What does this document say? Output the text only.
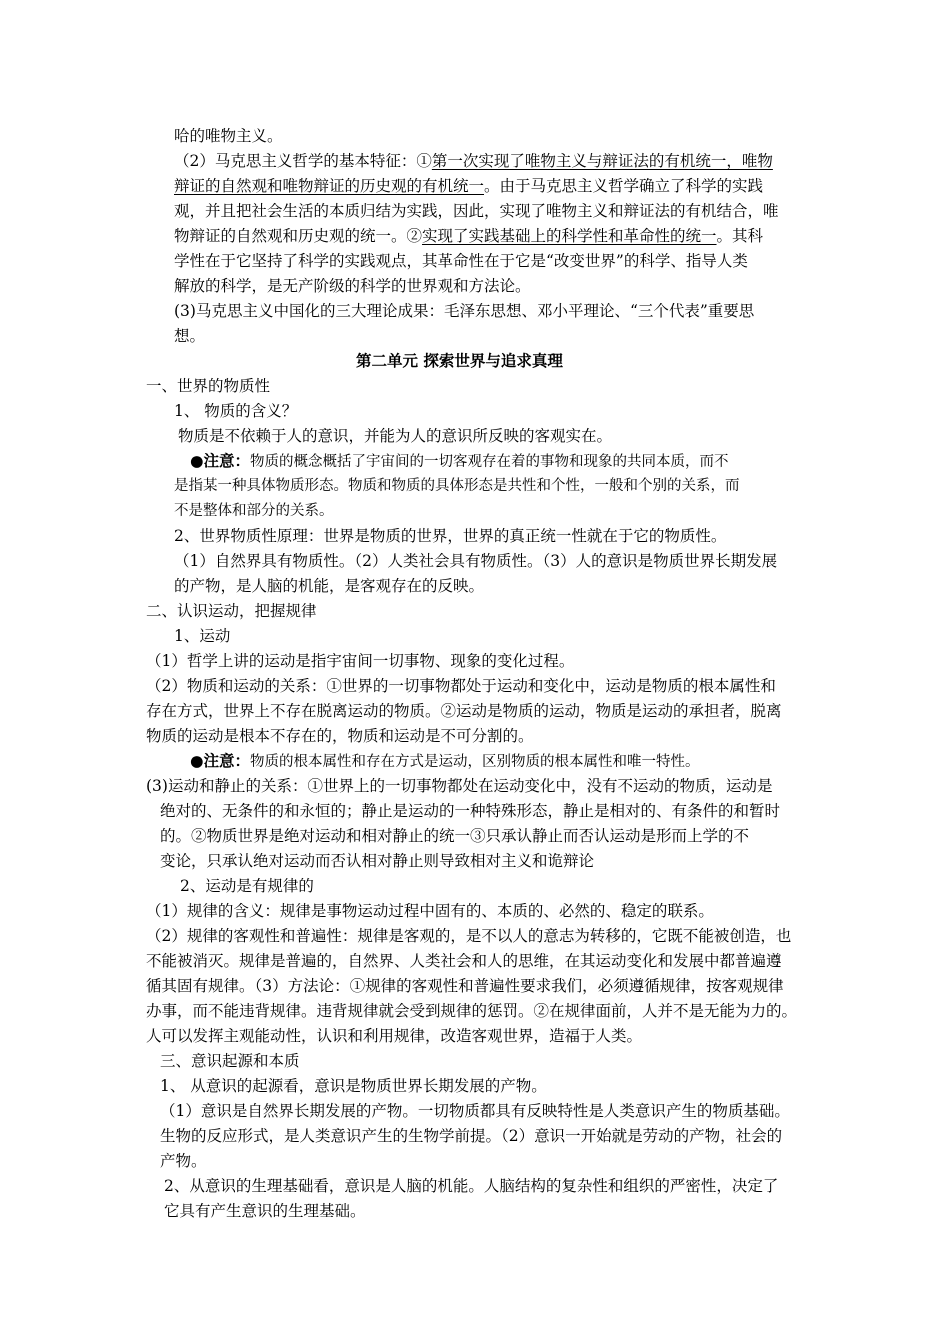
哈的唯物主义。
（2）马克思主义哲学的基本特征：①第一次实现了唯物主义与辩证法的有机统一，唯物
辩证的自然观和唯物辩证的历史观的有机统一。由于马克思主义哲学确立了科学的实践
观，并且把社会生活的本质归结为实践，因此，实现了唯物主义和辩证法的有机结合，唯
物辩证的自然观和历史观的统一。②实现了实践基础上的科学性和革命性的统一。其科
学性在于它坚持了科学的实践观点，其革命性在于它是“改变世界”的科学、指导人类
解放的科学，是无产阶级的科学的世界观和方法论。
(3)马克思主义中国化的三大理论成果：毛泽东思想、邓小平理论、“三个代表”重要思
想。
第二单元 探索世界与追求真理
一、世界的物质性
1、 物质的含义？
物质是不依赖于人的意识，并能为人的意识所反映的客观实在。
●注意：物质的概念概括了宇宙间的一切客观存在着的事物和现象的共同本质，而不
是指某一种具体物质形态。物质和物质的具体形态是共性和个性，一般和个别的关系，而
不是整体和部分的关系。
2、世界物质性原理：世界是物质的世界，世界的真正统一性就在于它的物质性。
（1）自然界具有物质性。（2）人类社会具有物质性。（3）人的意识是物质世界长期发展
的产物，是人脑的机能，是客观存在的反映。
二、认识运动，把握规律
1、运动
（1）哲学上讲的运动是指宇宙间一切事物、现象的变化过程。
（2）物质和运动的关系：①世界的一切事物都处于运动和变化中，运动是物质的根本属性和
存在方式，世界上不存在脱离运动的物质。②运动是物质的运动，物质是运动的承担者，脱离
物质的运动是根本不存在的，物质和运动是不可分割的。
●注意：物质的根本属性和存在方式是运动，区别物质的根本属性和唯一特性。
(3)运动和静止的关系：①世界上的一切事物都处在运动变化中，没有不运动的物质，运动是
绝对的、无条件的和永恒的；静止是运动的一种特殊形态，静止是相对的、有条件的和暂时
的。②物质世界是绝对运动和相对静止的统一③只承认静止而否认运动是形而上学的不
变论，只承认绝对运动而否认相对静止则导致相对主义和诡辩论
2、运动是有规律的
（1）规律的含义：规律是事物运动过程中固有的、本质的、必然的、稳定的联系。
（2）规律的客观性和普遍性：规律是客观的，是不以人的意志为转移的，它既不能被创造，也
不能被消灭。规律是普遍的，自然界、人类社会和人的思维，在其运动变化和发展中都普遍遵
循其固有规律。（3）方法论：①规律的客观性和普遍性要求我们，必须遵循规律，按客观规律
办事，而不能违背规律。违背规律就会受到规律的惩罚。②在规律面前，人并不是无能为力的。
人可以发挥主观能动性，认识和利用规律，改造客观世界，造福于人类。
三、意识起源和本质
1、 从意识的起源看，意识是物质世界长期发展的产物。
（1）意识是自然界长期发展的产物。一切物质都具有反映特性是人类意识产生的物质基础。
生物的反应形式，是人类意识产生的生物学前提。（2）意识一开始就是劳动的产物，社会的
产物。
2、从意识的生理基础看，意识是人脑的机能。人脑结构的复杂性和组织的严密性，决定了
它具有产生意识的生理基础。
